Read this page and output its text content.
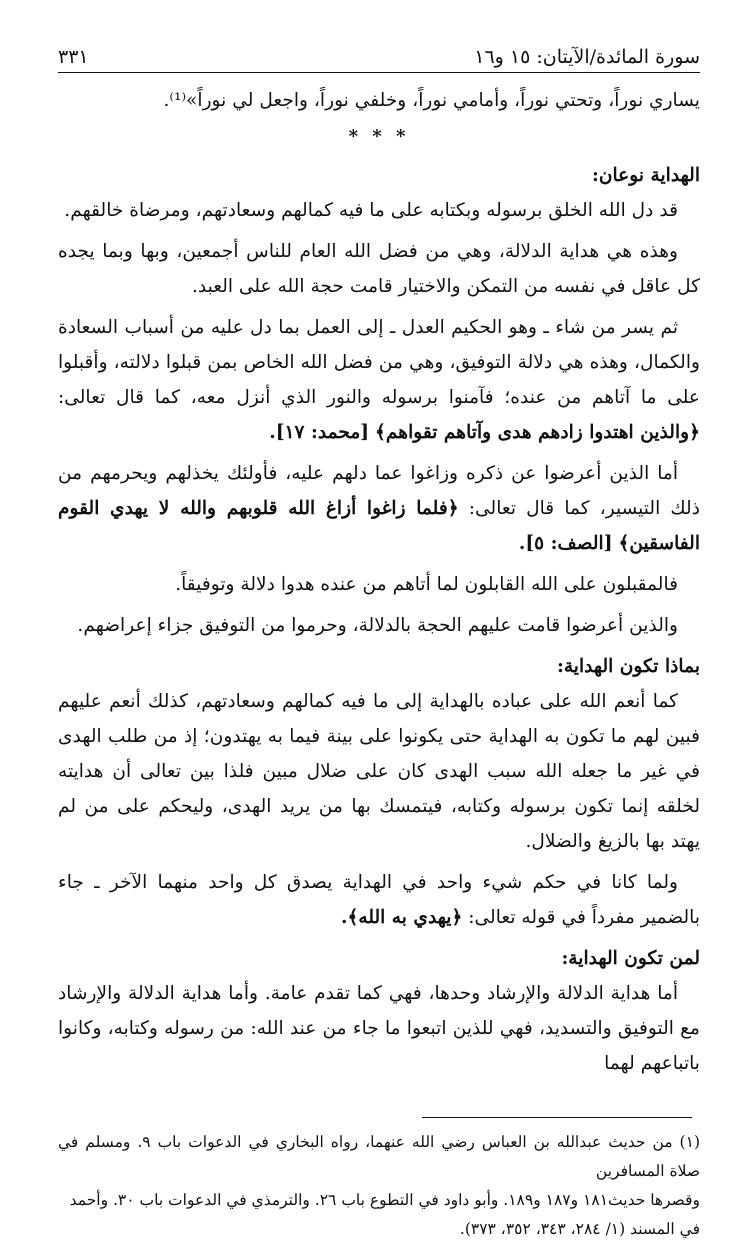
سورة المائدة/الآيتان: ١٥ و١٦
٣٣١

يساري نوراً، وتحتي نوراً، وأمامي نوراً، وخلفي نوراً، واجعل لي نوراً»⁽¹⁾.

* * *

الهداية نوعان:

قد دل الله الخلق برسوله وبكتابه على ما فيه كمالهم وسعادتهم، ومرضاة خالقهم.

وهذه هي هداية الدلالة، وهي من فضل الله العام للناس أجمعين، وبها وبما يجده كل عاقل في نفسه من التمكن والاختيار قامت حجة الله على العبد.

ثم يسر من شاء ـ وهو الحكيم العدل ـ إلى العمل بما دل عليه من أسباب السعادة والكمال، وهذه هي دلالة التوفيق، وهي من فضل الله الخاص بمن قبلوا دلالته، وأقبلوا على ما آتاهم من عنده؛ فآمنوا برسوله والنور الذي أنزل معه، كما قال تعالى: ﴿والذين اهتدوا زادهم هدى وآتاهم تقواهم﴾ [محمد: ١٧].

أما الذين أعرضوا عن ذكره وزاغوا عما دلهم عليه، فأولئك يخذلهم ويحرمهم من ذلك التيسير، كما قال تعالى: ﴿فلما زاغوا أزاغ الله قلوبهم والله لا يهدي القوم الفاسقين﴾ [الصف: ٥].

فالمقبلون على الله القابلون لما أتاهم من عنده هدوا دلالة وتوفيقاً.

والذين أعرضوا قامت عليهم الحجة بالدلالة، وحرموا من التوفيق جزاء إعراضهم.

بماذا تكون الهداية:

كما أنعم الله على عباده بالهداية إلى ما فيه كمالهم وسعادتهم، كذلك أنعم عليهم فبين لهم ما تكون به الهداية حتى يكونوا على بينة فيما به يهتدون؛ إذ من طلب الهدى في غير ما جعله الله سبب الهدى كان على ضلال مبين فلذا بين تعالى أن هدايته لخلقه إنما تكون برسوله وكتابه، فيتمسك بها من يريد الهدى، وليحكم على من لم يهتد بها بالزيغ والضلال.

ولما كانا في حكم شيء واحد في الهداية يصدق كل واحد منهما الآخر ـ جاء بالضمير مفرداً في قوله تعالى: ﴿يهدي به الله﴾.

لمن تكون الهداية:

أما هداية الدلالة والإرشاد وحدها، فهي كما تقدم عامة. وأما هداية الدلالة والإرشاد مع التوفيق والتسديد، فهي للذين اتبعوا ما جاء من عند الله: من رسوله وكتابه، وكانوا باتباعهم لهما

(١) من حديث عبدالله بن العباس رضي الله عنهما، رواه البخاري في الدعوات باب ٩. ومسلم في صلاة المسافرين

وقصرها حديث١٨١ و١٨٧ و١٨٩. وأبو داود في التطوع باب ٢٦. والترمذي في الدعوات باب ٣٠. وأحمد

في المسند (١/ ٢٨٤، ٣٤٣، ٣٥٢، ٣٧٣).
